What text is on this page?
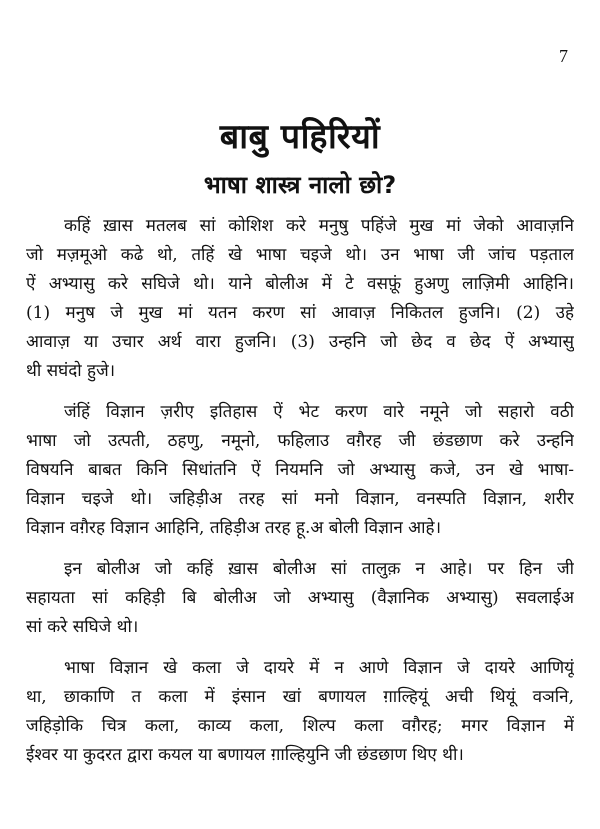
7
बाबु पहिरियों
भाषा शास्त्र नालो छो?
कहिं ख़ास मतलब सां कोशिश करे मनुषु पहिंजे मुख मां जेको आवाज़नि
जो मज़मूओ कढे थो, तहिं खे भाषा चइजे थो। उन भाषा जी जांच पड़ताल
ऐं अभ्यासु करे सघिजे थो। याने बोलीअ में टे वसफ़ूं हुअणु लाज़िमी आहिनि।
(1) मनुष जे मुख मां यतन करण सां आवाज़ निकितल हुजनि। (2) उहे
आवाज़ या उचार अर्थ वारा हुजनि। (3) उन्हनि जो छेद व छेद ऐं अभ्यासु
थी सघंदो हुजे।
जंहिं विज्ञान ज़रीए इतिहास ऐं भेट करण वारे नमूने जो सहारो वठी
भाषा जो उत्पती, ठहणु, नमूनो, फहिलाउ वग़ैरह जी छंडछाण करे उन्हनि
विषयनि बाबत किनि सिधांतनि ऐं नियमनि जो अभ्यासु कजे, उन खे भाषा-
विज्ञान चइजे थो। जहिड़ीअ तरह सां मनो विज्ञान, वनस्पति विज्ञान, शरीर
विज्ञान वग़ैरह विज्ञान आहिनि, तहिड़ीअ तरह हू.अ बोली विज्ञान आहे।
इन बोलीअ जो कहिं ख़ास बोलीअ सां तालुक़ न आहे। पर हिन जी
सहायता सां कहिड़ी बि बोलीअ जो अभ्यासु (वैज्ञानिक अभ्यासु) सवलाईअ
सां करे सघिजे थो।
भाषा विज्ञान खे कला जे दायरे में न आणे विज्ञान जे दायरे आणियूं
था, छाकाणि त कला में इंसान खां बणायल ग़ाल्हियूं अची थियूं वञनि,
जहिड़ोकि चित्र कला, काव्य कला, शिल्प कला वग़ैरह; मगर विज्ञान में
ईश्वर या कुदरत द्वारा कयल या बणायल ग़ाल्हियुनि जी छंडछाण थिए थी।
